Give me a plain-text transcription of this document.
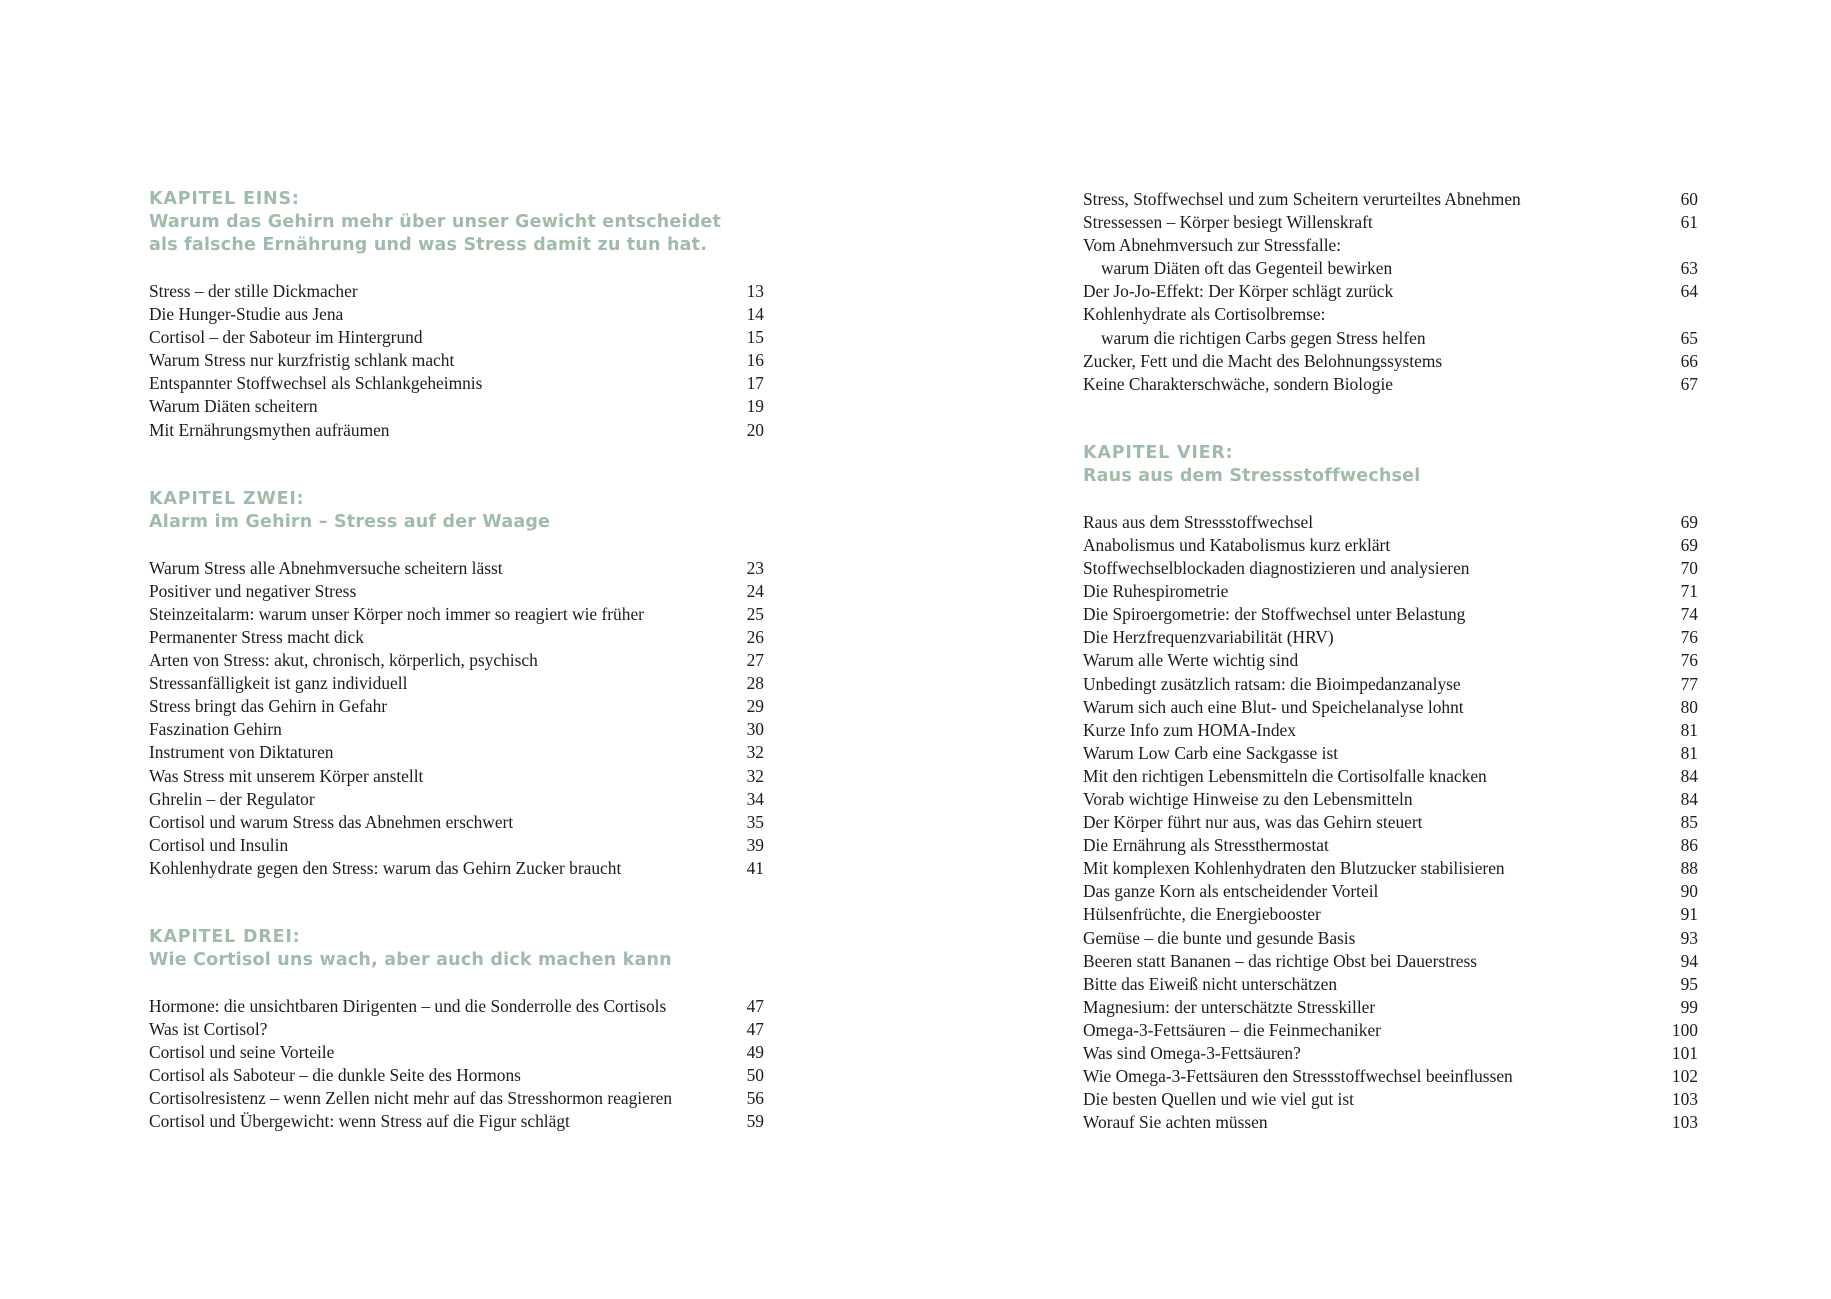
KAPITEL EINS:
Warum das Gehirn mehr über unser Gewicht entscheidet
als falsche Ernährung und was Stress damit zu tun hat.
Stress – der stille Dickmacher	13
Die Hunger-Studie aus Jena	14
Cortisol – der Saboteur im Hintergrund	15
Warum Stress nur kurzfristig schlank macht	16
Entspannter Stoffwechsel als Schlankgeheimnis	17
Warum Diäten scheitern	19
Mit Ernährungsmythen aufräumen	20
KAPITEL ZWEI:
Alarm im Gehirn – Stress auf der Waage
Warum Stress alle Abnehmversuche scheitern lässt	23
Positiver und negativer Stress	24
Steinzeitalarm: warum unser Körper noch immer so reagiert wie früher	25
Permanenter Stress macht dick	26
Arten von Stress: akut, chronisch, körperlich, psychisch	27
Stressanfälligkeit ist ganz individuell	28
Stress bringt das Gehirn in Gefahr	29
Faszination Gehirn	30
Instrument von Diktaturen	32
Was Stress mit unserem Körper anstellt	32
Ghrelin – der Regulator	34
Cortisol und warum Stress das Abnehmen erschwert	35
Cortisol und Insulin	39
Kohlenhydrate gegen den Stress: warum das Gehirn Zucker braucht	41
KAPITEL DREI:
Wie Cortisol uns wach, aber auch dick machen kann
Hormone: die unsichtbaren Dirigenten – und die Sonderrolle des Cortisols	47
Was ist Cortisol?	47
Cortisol und seine Vorteile	49
Cortisol als Saboteur – die dunkle Seite des Hormons	50
Cortisolresistenz – wenn Zellen nicht mehr auf das Stresshormon reagieren	56
Cortisol und Übergewicht: wenn Stress auf die Figur schlägt	59
Stress, Stoffwechsel und zum Scheitern verurteiltes Abnehmen	60
Stressessen – Körper besiegt Willenskraft	61
Vom Abnehmversuch zur Stressfalle:
warum Diäten oft das Gegenteil bewirken	63
Der Jo-Jo-Effekt: Der Körper schlägt zurück	64
Kohlenhydrate als Cortisolbremse:
warum die richtigen Carbs gegen Stress helfen	65
Zucker, Fett und die Macht des Belohnungssystems	66
Keine Charakterschwäche, sondern Biologie	67
KAPITEL VIER:
Raus aus dem Stressstoffwechsel
Raus aus dem Stressstoffwechsel	69
Anabolismus und Katabolismus kurz erklärt	69
Stoffwechselblockaden diagnostizieren und analysieren	70
Die Ruhespirometrie	71
Die Spiroergometrie: der Stoffwechsel unter Belastung	74
Die Herzfrequenzvariabilität (HRV)	76
Warum alle Werte wichtig sind	76
Unbedingt zusätzlich ratsam: die Bioimpedanzanalyse	77
Warum sich auch eine Blut- und Speichelanalyse lohnt	80
Kurze Info zum HOMA-Index	81
Warum Low Carb eine Sackgasse ist	81
Mit den richtigen Lebensmitteln die Cortisolfalle knacken	84
Vorab wichtige Hinweise zu den Lebensmitteln	84
Der Körper führt nur aus, was das Gehirn steuert	85
Die Ernährung als Stressthermostat	86
Mit komplexen Kohlenhydraten den Blutzucker stabilisieren	88
Das ganze Korn als entscheidender Vorteil	90
Hülsenfrüchte, die Energiebooster	91
Gemüse – die bunte und gesunde Basis	93
Beeren statt Bananen – das richtige Obst bei Dauerstress	94
Bitte das Eiweiß nicht unterschätzen	95
Magnesium: der unterschätzte Stresskiller	99
Omega-3-Fettsäuren – die Feinmechaniker	100
Was sind Omega-3-Fettsäuren?	101
Wie Omega-3-Fettsäuren den Stressstoffwechsel beeinflussen	102
Die besten Quellen und wie viel gut ist	103
Worauf Sie achten müssen	103
